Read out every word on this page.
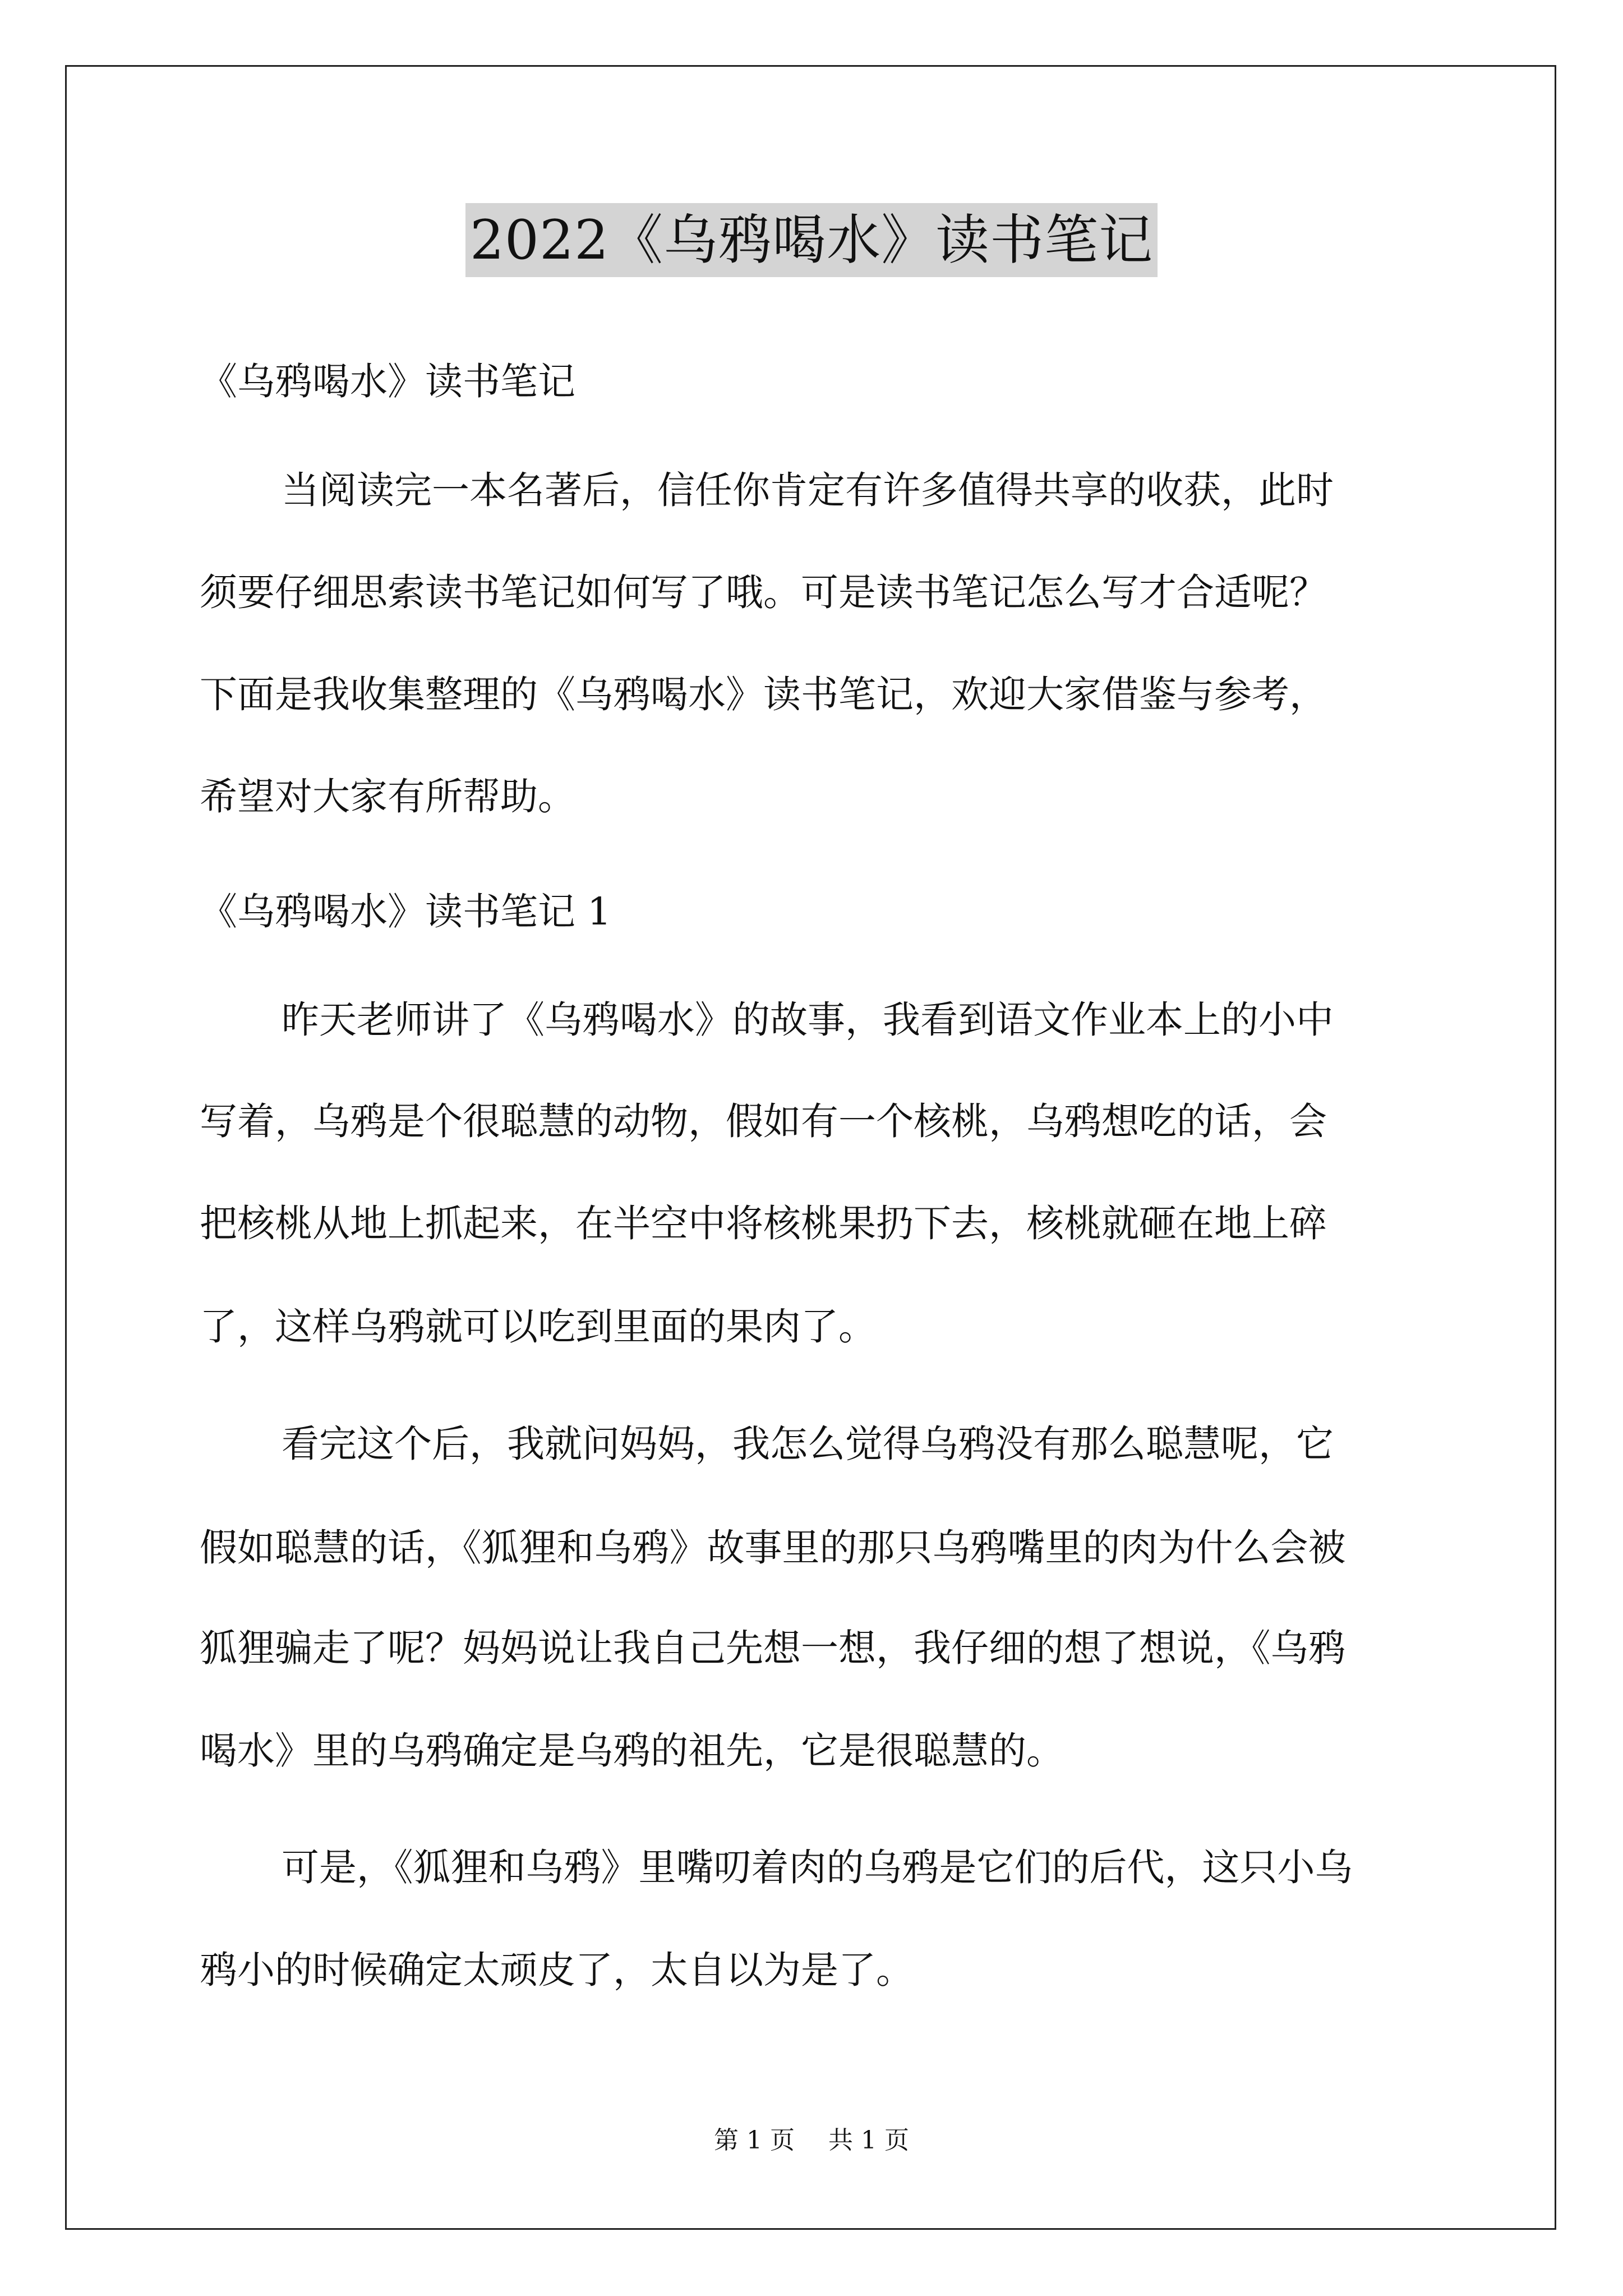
2022《乌鸦喝水》读书笔记
《乌鸦喝水》读书笔记
当阅读完一本名著后，信任你肯定有许多值得共享的收获，此时
须要仔细思索读书笔记如何写了哦。可是读书笔记怎么写才合适呢？
下面是我收集整理的《乌鸦喝水》读书笔记，欢迎大家借鉴与参考，
希望对大家有所帮助。
《乌鸦喝水》读书笔记 1
昨天老师讲了《乌鸦喝水》的故事，我看到语文作业本上的小中
写着，乌鸦是个很聪慧的动物，假如有一个核桃，乌鸦想吃的话，会
把核桃从地上抓起来，在半空中将核桃果扔下去，核桃就砸在地上碎
了，这样乌鸦就可以吃到里面的果肉了。
看完这个后，我就问妈妈，我怎么觉得乌鸦没有那么聪慧呢，它
假如聪慧的话，《狐狸和乌鸦》故事里的那只乌鸦嘴里的肉为什么会被
狐狸骗走了呢？妈妈说让我自己先想一想，我仔细的想了想说，《乌鸦
喝水》里的乌鸦确定是乌鸦的祖先，它是很聪慧的。
可是，《狐狸和乌鸦》里嘴叨着肉的乌鸦是它们的后代，这只小乌
鸦小的时候确定太顽皮了，太自以为是了。
第 1 页 共 1 页
